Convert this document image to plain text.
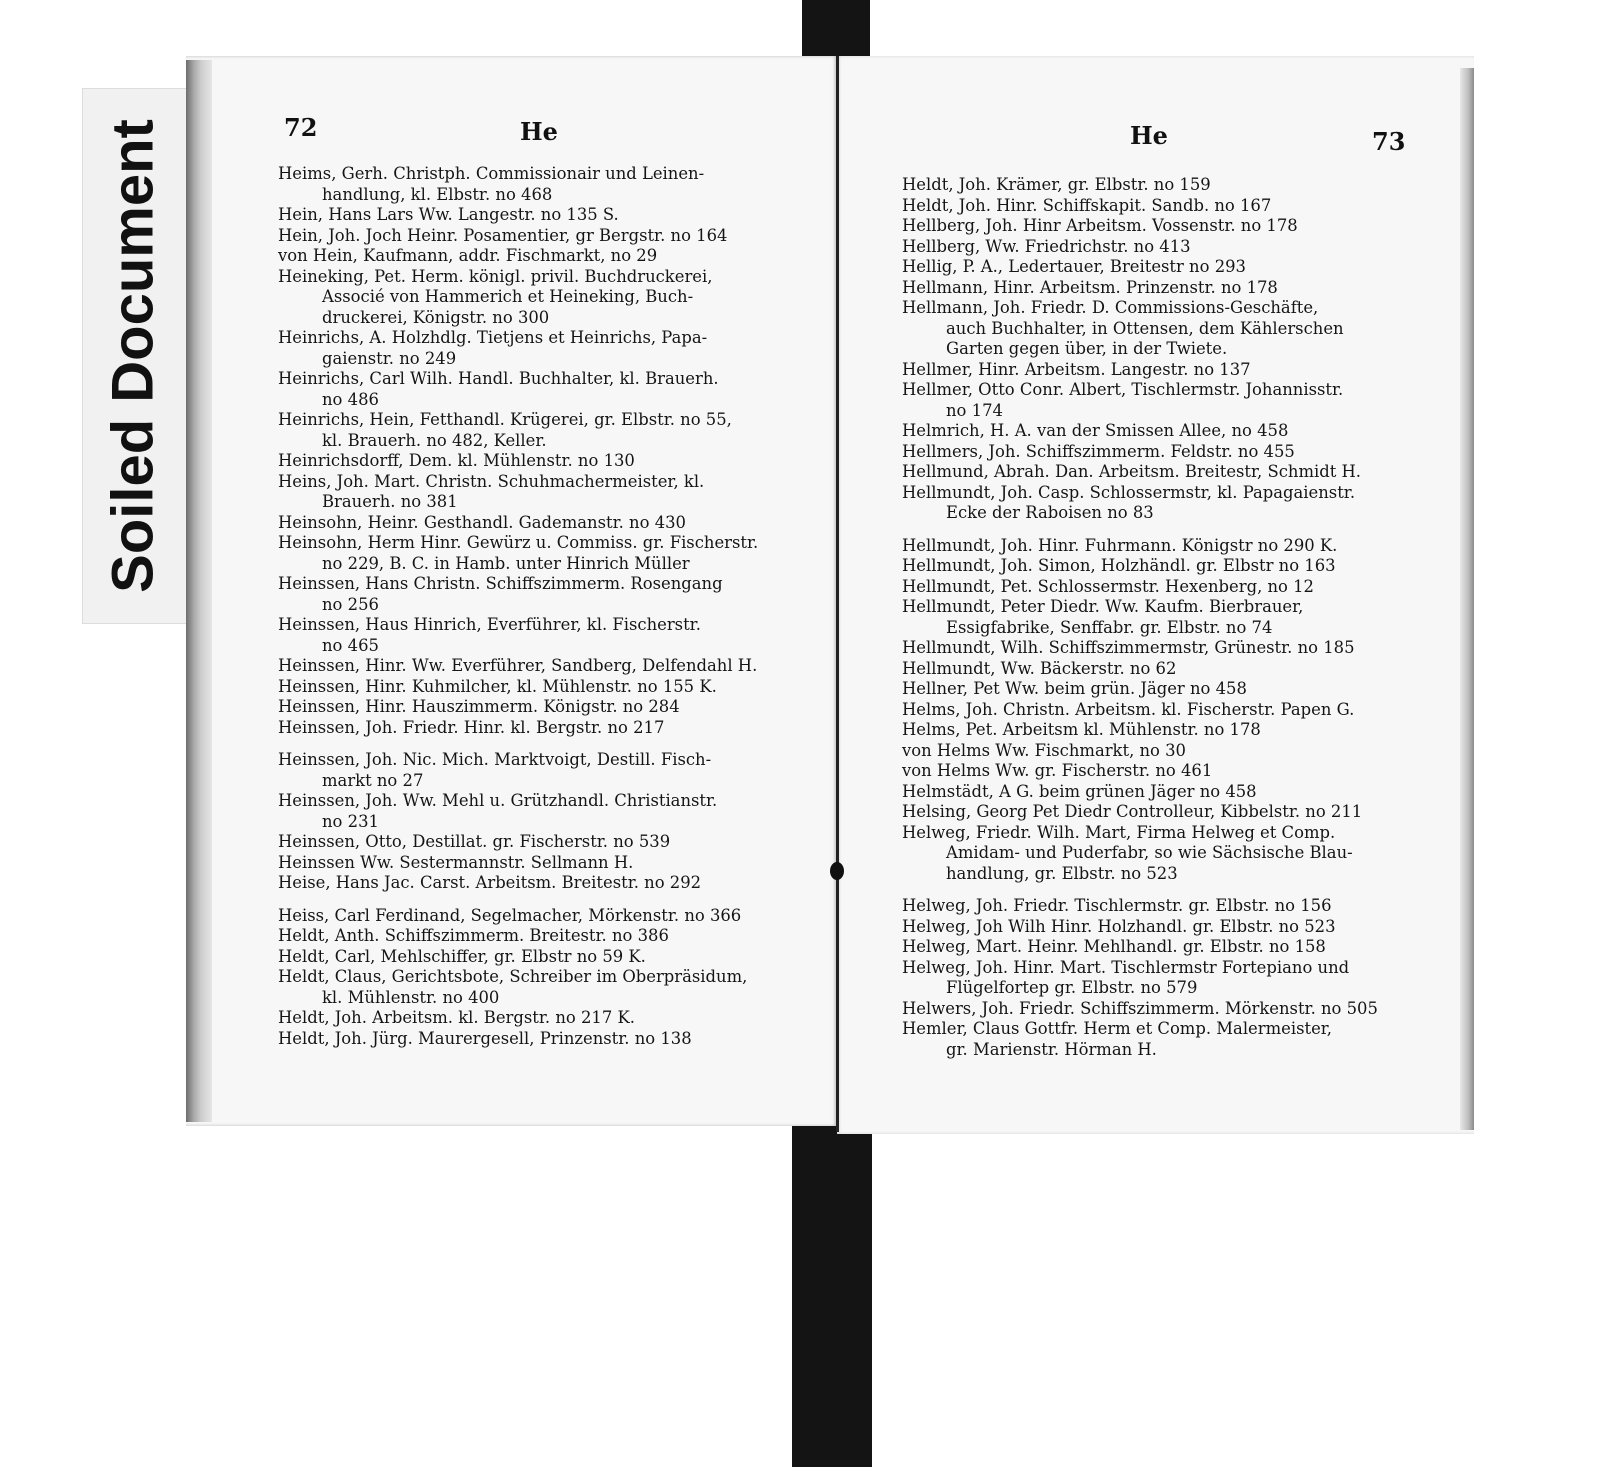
Soiled Document	72	He	He	73
Heims, Gerh. Christph. Commissionair und Leinen-
handlung, kl. Elbstr. no 468
Hein, Hans Lars Ww. Langestr. no 135 S.
Hein, Joh. Joch Heinr. Posamentier, gr Bergstr. no 164
von Hein, Kaufmann, addr. Fischmarkt, no 29
Heineking, Pet. Herm. königl. privil. Buchdruckerei,
Associé von Hammerich et Heineking, Buch-
druckerei, Königstr. no 300
Heinrichs, A. Holzhdlg. Tietjens et Heinrichs, Papa-
gaienstr. no 249
Heinrichs, Carl Wilh. Handl. Buchhalter, kl. Brauerh.
no 486
Heinrichs, Hein, Fetthandl. Krügerei, gr. Elbstr. no 55,
kl. Brauerh. no 482, Keller.
Heinrichsdorff, Dem. kl. Mühlenstr. no 130
Heins, Joh. Mart. Christn. Schuhmachermeister, kl.
Brauerh. no 381
Heinsohn, Heinr. Gesthandl. Gademanstr. no 430
Heinsohn, Herm Hinr. Gewürz u. Commiss. gr. Fischerstr.
no 229, B. C. in Hamb. unter Hinrich Müller
Heinssen, Hans Christn. Schiffszimmerm. Rosengang
no 256
Heinssen, Haus Hinrich, Everführer, kl. Fischerstr.
no 465
Heinssen, Hinr. Ww. Everführer, Sandberg, Delfendahl H.
Heinssen, Hinr. Kuhmilcher, kl. Mühlenstr. no 155 K.
Heinssen, Hinr. Hauszimmerm. Königstr. no 284
Heinssen, Joh. Friedr. Hinr. kl. Bergstr. no 217
Heinssen, Joh. Nic. Mich. Marktvoigt, Destill. Fisch-
markt no 27
Heinssen, Joh. Ww. Mehl u. Grützhandl. Christianstr.
no 231
Heinssen, Otto, Destillat. gr. Fischerstr. no 539
Heinssen Ww. Sestermannstr. Sellmann H.
Heise, Hans Jac. Carst. Arbeitsm. Breitestr. no 292
Heiss, Carl Ferdinand, Segelmacher, Mörkenstr. no 366
Heldt, Anth. Schiffszimmerm. Breitestr. no 386
Heldt, Carl, Mehlschiffer, gr. Elbstr no 59 K.
Heldt, Claus, Gerichtsbote, Schreiber im Oberpräsidum,
kl. Mühlenstr. no 400
Heldt, Joh. Arbeitsm. kl. Bergstr. no 217 K.
Heldt, Joh. Jürg. Maurergesell, Prinzenstr. no 138
Heldt, Joh. Krämer, gr. Elbstr. no 159
Heldt, Joh. Hinr. Schiffskapit. Sandb. no 167
Hellberg, Joh. Hinr Arbeitsm. Vossenstr. no 178
Hellberg, Ww. Friedrichstr. no 413
Hellig, P. A., Ledertauer, Breitestr no 293
Hellmann, Hinr. Arbeitsm. Prinzenstr. no 178
Hellmann, Joh. Friedr. D. Commissions-Geschäfte,
auch Buchhalter, in Ottensen, dem Kählerschen
Garten gegen über, in der Twiete.
Hellmer, Hinr. Arbeitsm. Langestr. no 137
Hellmer, Otto Conr. Albert, Tischlermstr. Johannisstr.
no 174
Helmrich, H. A. van der Smissen Allee, no 458
Hellmers, Joh. Schiffszimmerm. Feldstr. no 455
Hellmund, Abrah. Dan. Arbeitsm. Breitestr, Schmidt H.
Hellmundt, Joh. Casp. Schlossermstr, kl. Papagaienstr.
Ecke der Raboisen no 83
Hellmundt, Joh. Hinr. Fuhrmann. Königstr no 290 K.
Hellmundt, Joh. Simon, Holzhändl. gr. Elbstr no 163
Hellmundt, Pet. Schlossermstr. Hexenberg, no 12
Hellmundt, Peter Diedr. Ww. Kaufm. Bierbrauer,
Essigfabrike, Senffabr. gr. Elbstr. no 74
Hellmundt, Wilh. Schiffszimmermstr, Grünestr. no 185
Hellmundt, Ww. Bäckerstr. no 62
Hellner, Pet Ww. beim grün. Jäger no 458
Helms, Joh. Christn. Arbeitsm. kl. Fischerstr. Papen G.
Helms, Pet. Arbeitsm kl. Mühlenstr. no 178
von Helms Ww. Fischmarkt, no 30
von Helms Ww. gr. Fischerstr. no 461
Helmstädt, A G. beim grünen Jäger no 458
Helsing, Georg Pet Diedr Controlleur, Kibbelstr. no 211
Helweg, Friedr. Wilh. Mart, Firma Helweg et Comp.
Amidam- und Puderfabr, so wie Sächsische Blau-
handlung, gr. Elbstr. no 523
Helweg, Joh. Friedr. Tischlermstr. gr. Elbstr. no 156
Helweg, Joh Wilh Hinr. Holzhandl. gr. Elbstr. no 523
Helweg, Mart. Heinr. Mehlhandl. gr. Elbstr. no 158
Helweg, Joh. Hinr. Mart. Tischlermstr Fortepiano und
Flügelfortep gr. Elbstr. no 579
Helwers, Joh. Friedr. Schiffszimmerm. Mörkenstr. no 505
Hemler, Claus Gottfr. Herm et Comp. Malermeister,
gr. Marienstr. Hörman H.
